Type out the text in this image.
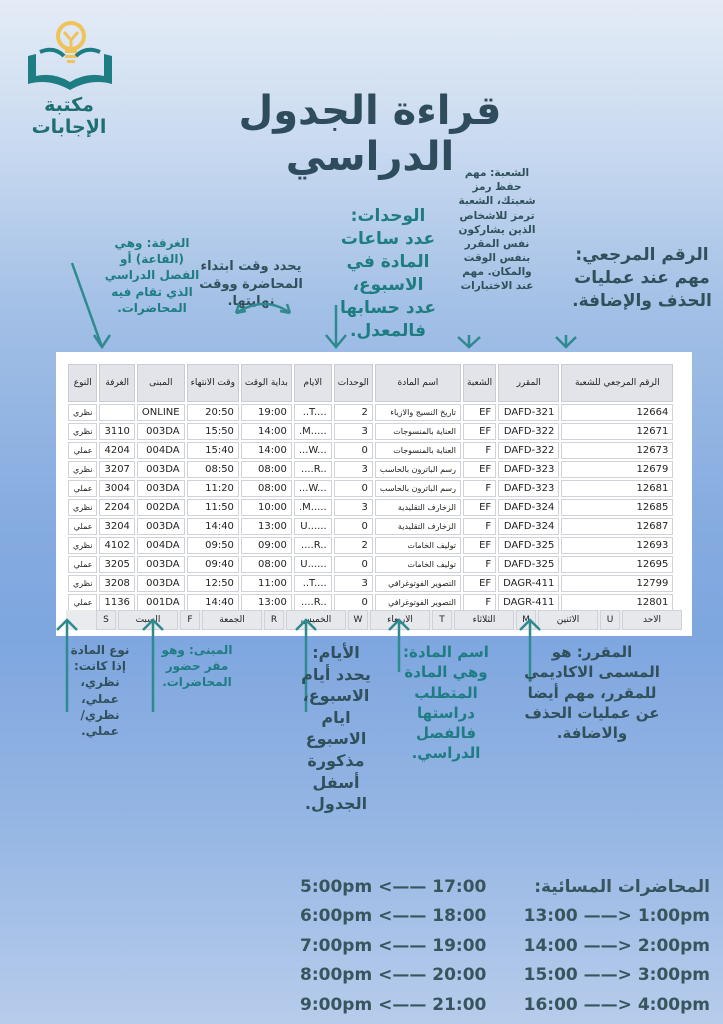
مكتبة الإجابات	قراءة الجدول الدراسي
الرقم المرجعي: مهم عند عمليات الحذف والإضافة.
الشعبة: مهم حفظ رمز شعبتك، الشعبة ترمز للاشخاص الذين يشاركون نفس المقرر بنفس الوقت والمكان. مهم عند الاختبارات
الوحدات: عدد ساعات المادة في الاسبوع، عدد حسابها فالمعدل.
يحدد وقت ابتداء المحاضرة ووقت نهايتها.
الغرفة: وهي (القاعة) أو الفصل الدراسي الذي تقام فيه المحاضرات.
الرقم المرجعي للشعبة	المقرر	الشعبة	اسم المادة	الوحدات	الايام	بداية الوقت	وقت الانتهاء	المبنى	الغرفة	النوع
12664	DAFD-321	EF	تاريخ النسيج والازياء	2	..T....	19:00	20:50	ONLINE		نظري
12671	DAFD-322	EF	العناية بالمنسوجات	3	.M.....	14:00	15:50	003DA	3110	نظري
12673	DAFD-322	F	العناية بالمنسوجات	0	...W...	14:00	15:40	004DA	4204	عملي
12679	DAFD-323	EF	رسم الباترون بالحاسب	3	....R..	08:00	08:50	003DA	3207	نظري
12681	DAFD-323	F	رسم الباترون بالحاسب	0	...W...	08:00	11:20	003DA	3004	عملي
12685	DAFD-324	EF	الزخارف التقليدية	3	.M.....	10:00	11:50	002DA	2204	نظري
12687	DAFD-324	F	الزخارف التقليدية	0	U......	13:00	14:40	003DA	3204	عملي
12693	DAFD-325	EF	توليف الخامات	2	....R..	09:00	09:50	004DA	4102	نظري
12695	DAFD-325	F	توليف الخامات	0	U......	08:00	09:40	003DA	3205	عملي
12799	DAGR-411	EF	التصوير الفوتوغرافي	3	..T....	11:00	12:50	003DA	3208	نظري
12801	DAGR-411	F	التصوير الفوتوغرافي	0	....R..	13:00	14:40	001DA	1136	عملي
الاحد
U
الاثنين
M
الثلاثاء
T
الاربعاء
W
الخميس
R
الجمعة
F
السبت
S
نوع المادة إذا كانت: نظري، عملي، نظري/ عملي.
المبنى: وهو مقر حضور المحاضرات.
الأيام: يحدد أيام الاسبوع، ايام الاسبوع مذكورة أسفل الجدول.
اسم المادة: وهي المادة المتطلب دراستها فالفصل الدراسي.
المقرر: هو المسمى الاكاديمي للمقرر، مهم أيضا عن عمليات الحذف والاضافة.
5:00pm <—— 17:00	المحاضرات المسائية:
6:00pm <—— 18:00 13:00 ——> 1:00pm
7:00pm <—— 19:00 14:00 ——> 2:00pm
8:00pm <—— 20:00 15:00 ——> 3:00pm
9:00pm <—— 21:00 16:00 ——> 4:00pm
